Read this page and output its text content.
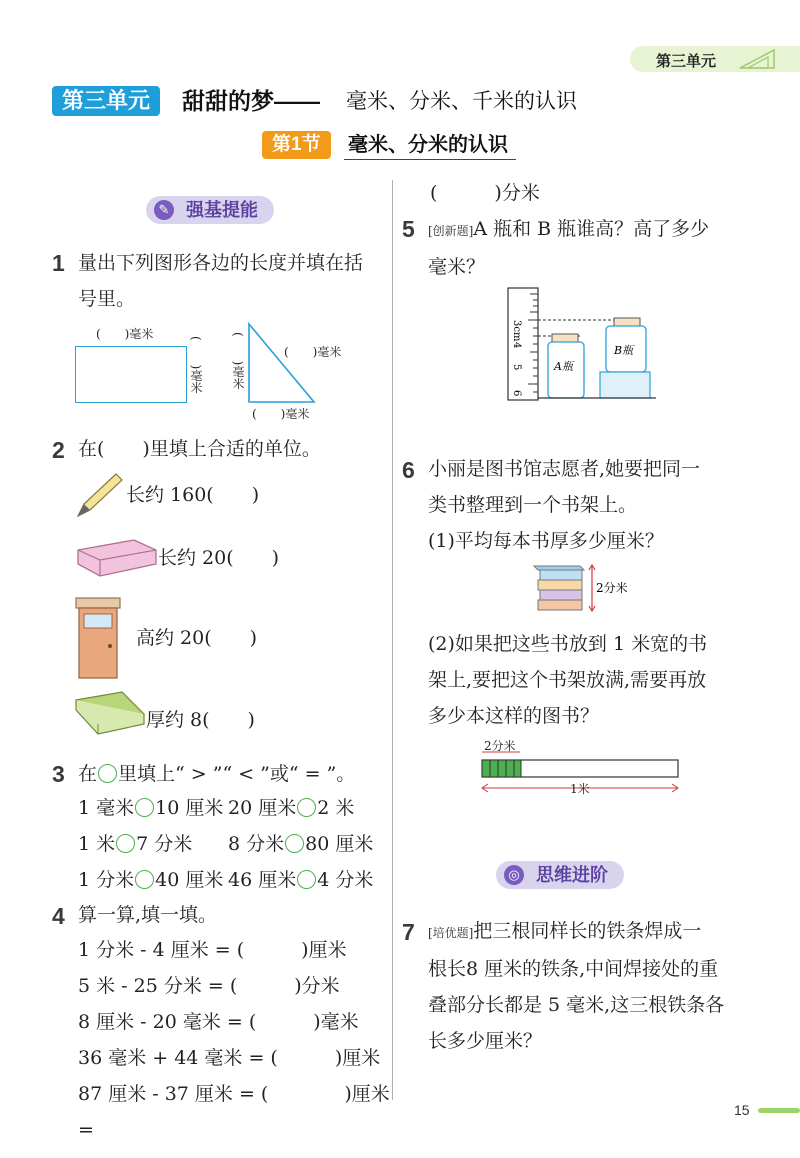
第三单元
第三单元	甜甜的梦—— 毫米、分米、千米的认识
第1节	毫米、分米的认识
✎ 强基提能
1 量出下列图形各边的长度并填在括
号里。
(　　)毫米
(　　)毫米 (　　)毫米	(　　)毫米
(　　)毫米
2 在(　　)里填上合适的单位。
长约 160(　　)
长约 20(　　)
高约 20(　　)
厚约 8(　　)
3 在 里填上“ > ”“ < ”或“ = ”。
1 毫米 10 厘米 20 厘米 2 米
1 米 7 分米 8 分米 80 厘米
1 分米 40 厘米 46 厘米 4 分米
4 算一算,填一填。
1 分米 - 4 厘米 = (　　　)厘米
5 米 - 25 分米 = (　　　)分米
8 厘米 - 20 毫米 = (　　　)毫米
36 毫米 + 44 毫米 = (　　　)厘米
87 厘米 - 37 厘米 = (　　　　)厘米 =
(　　　)分米
5 [创新题]A 瓶和 B 瓶谁高？高了多少
毫米？
3cm
4
5
6
A瓶
B瓶
6 小丽是图书馆志愿者,她要把同一
类书整理到一个书架上。
(1)平均每本书厚多少厘米？
2分米
(2)如果把这些书放到 1 米宽的书
架上,要把这个书架放满,需要再放
多少本这样的图书？
2分米
1米
◎ 思维进阶
7 [培优题]把三根同样长的铁条焊成一
根长8 厘米的铁条,中间焊接处的重
叠部分长都是 5 毫米,这三根铁条各
长多少厘米？
15
